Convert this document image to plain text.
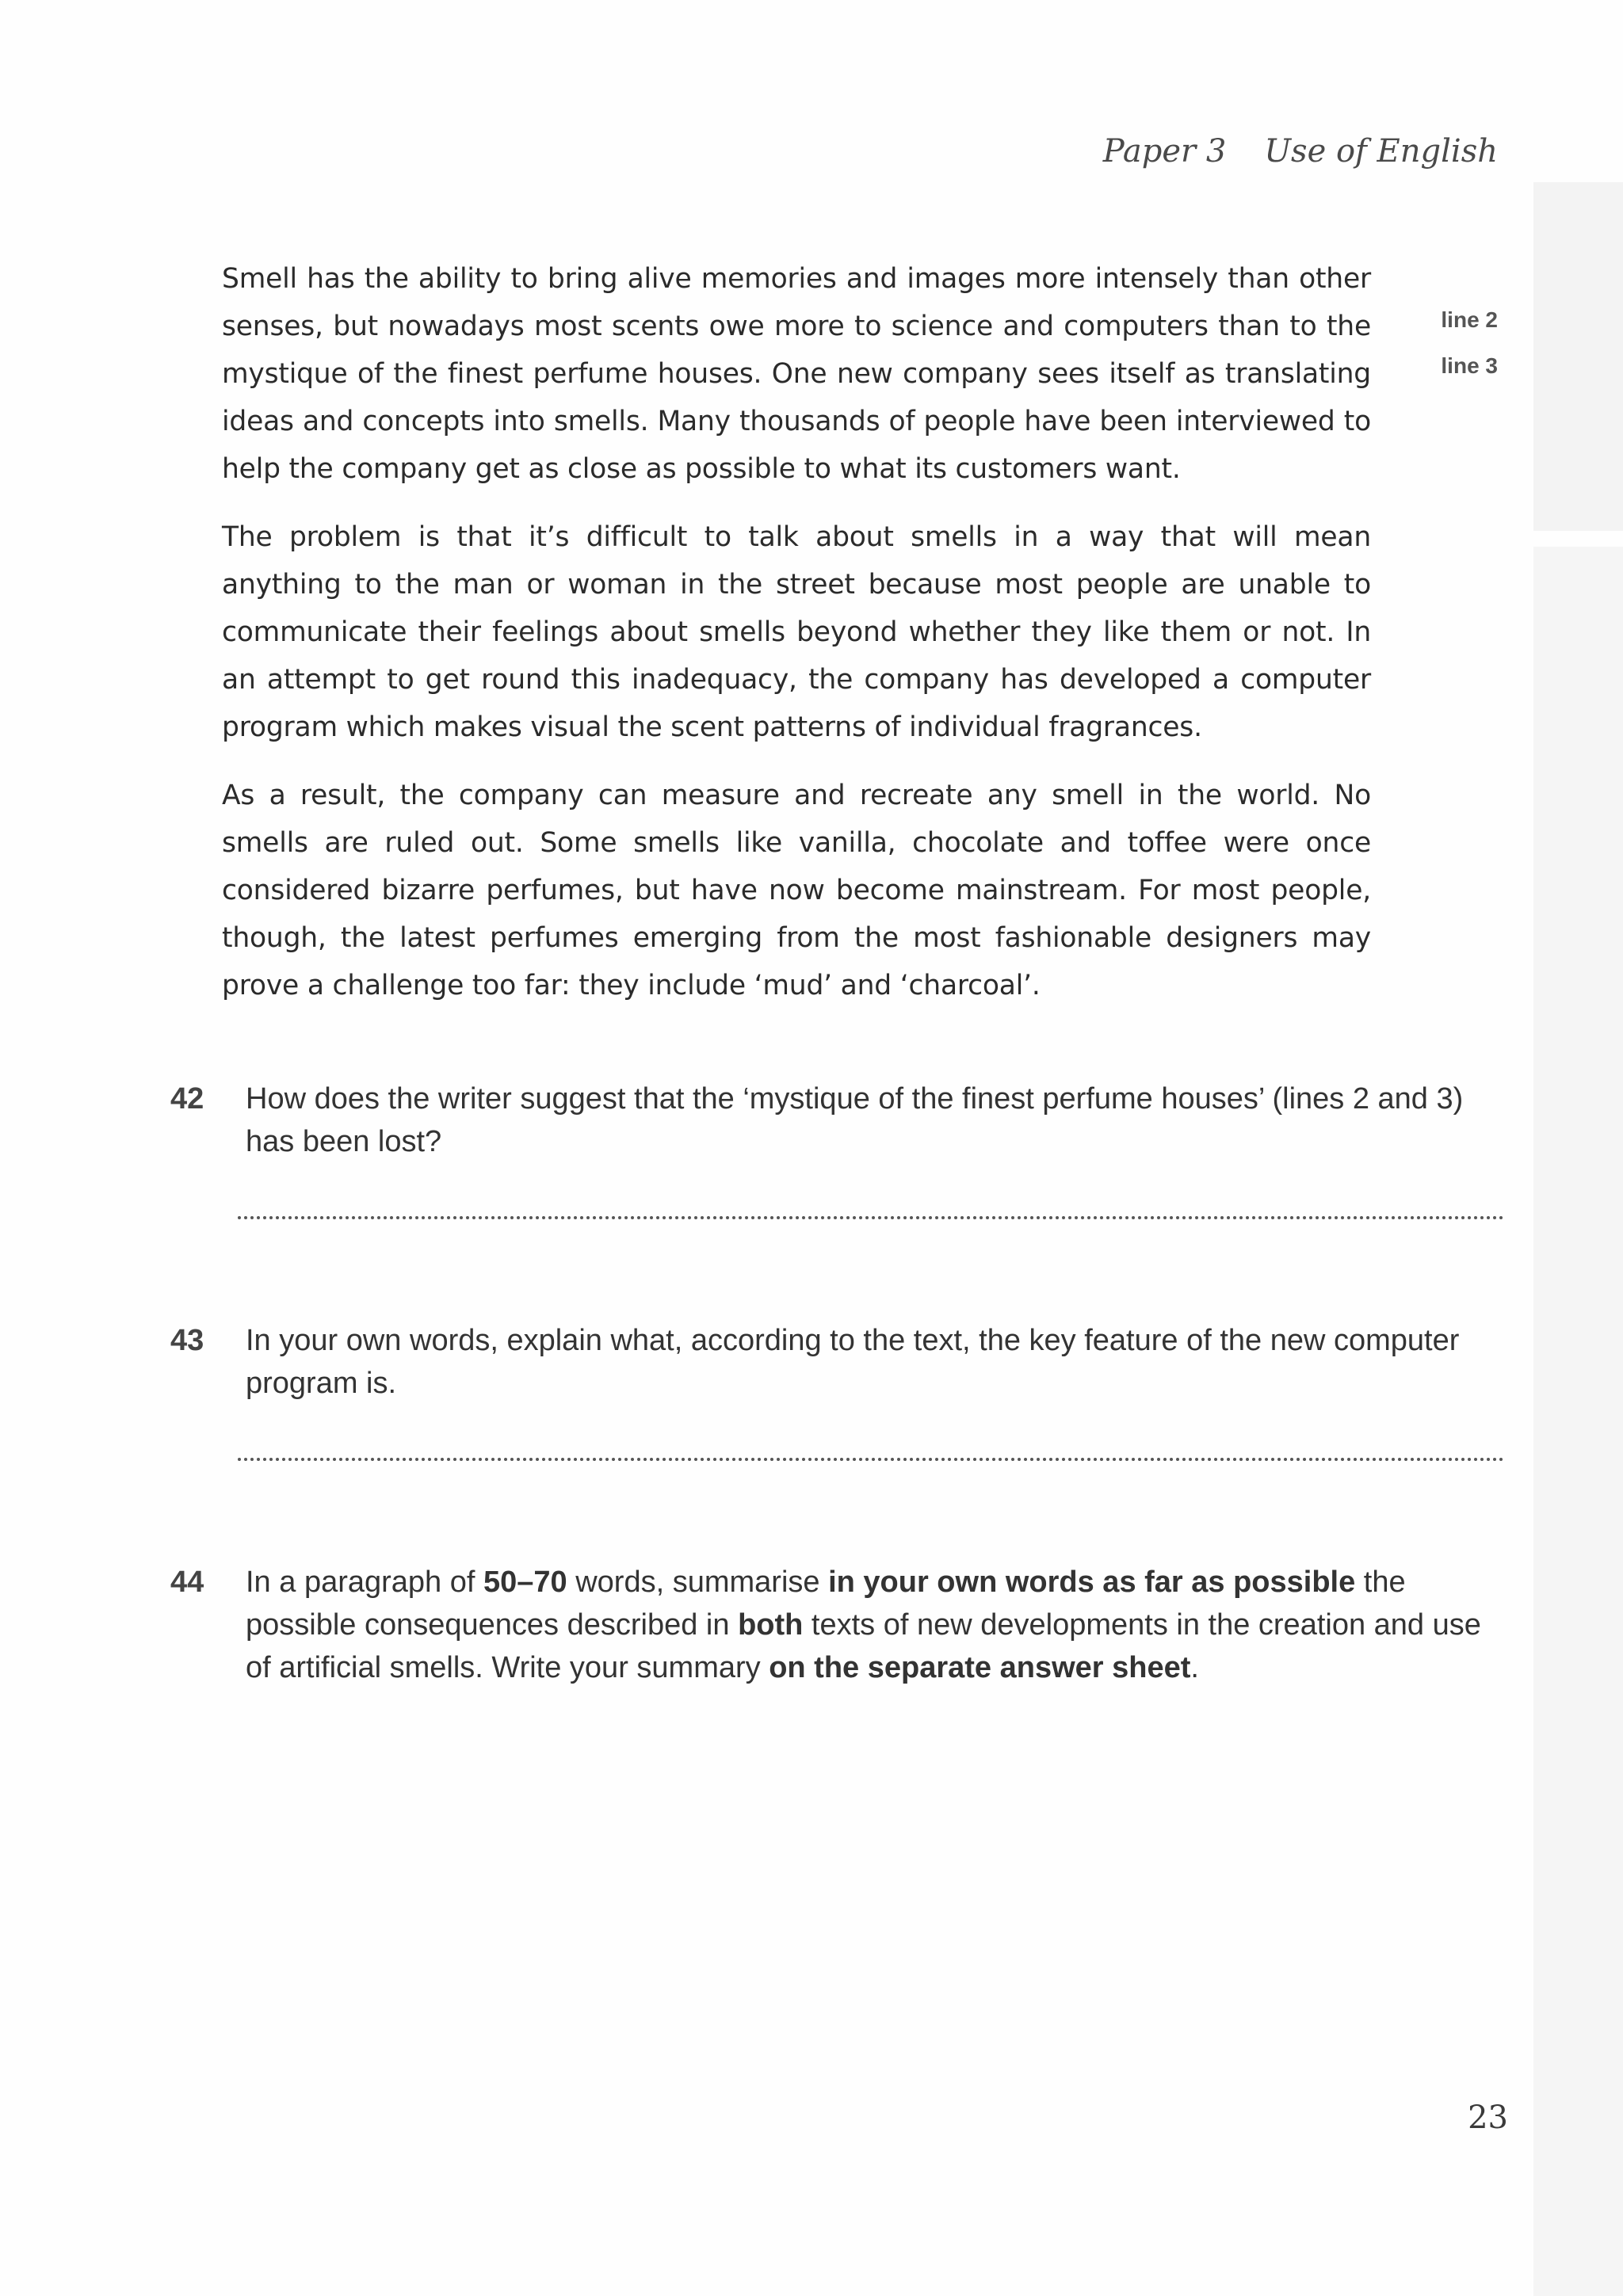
Paper 3 Use of English

Smell has the ability to bring alive memories and images more intensely than other senses, but nowadays most scents owe more to science and computers than to the mystique of the finest perfume houses. One new company sees itself as translating ideas and concepts into smells. Many thousands of people have been interviewed to help the company get as close as possible to what its customers want.

The problem is that it’s difficult to talk about smells in a way that will mean anything to the man or woman in the street because most people are unable to communicate their feelings about smells beyond whether they like them or not. In an attempt to get round this inadequacy, the company has developed a computer program which makes visual the scent patterns of individual fragrances.

As a result, the company can measure and recreate any smell in the world. No smells are ruled out. Some smells like vanilla, chocolate and toffee were once considered bizarre perfumes, but have now become mainstream. For most people, though, the latest perfumes emerging from the most fashionable designers may prove a challenge too far: they include ‘mud’ and ‘charcoal’.

line 2
line 3
42 How does the writer suggest that the ‘mystique of the finest perfume houses’ (lines 2 and 3) has been lost?
43 In your own words, explain what, according to the text, the key feature of the new computer program is.
44 In a paragraph of 50–70 words, summarise in your own words as far as possible the possible consequences described in both texts of new developments in the creation and use of artificial smells. Write your summary on the separate answer sheet.
23
